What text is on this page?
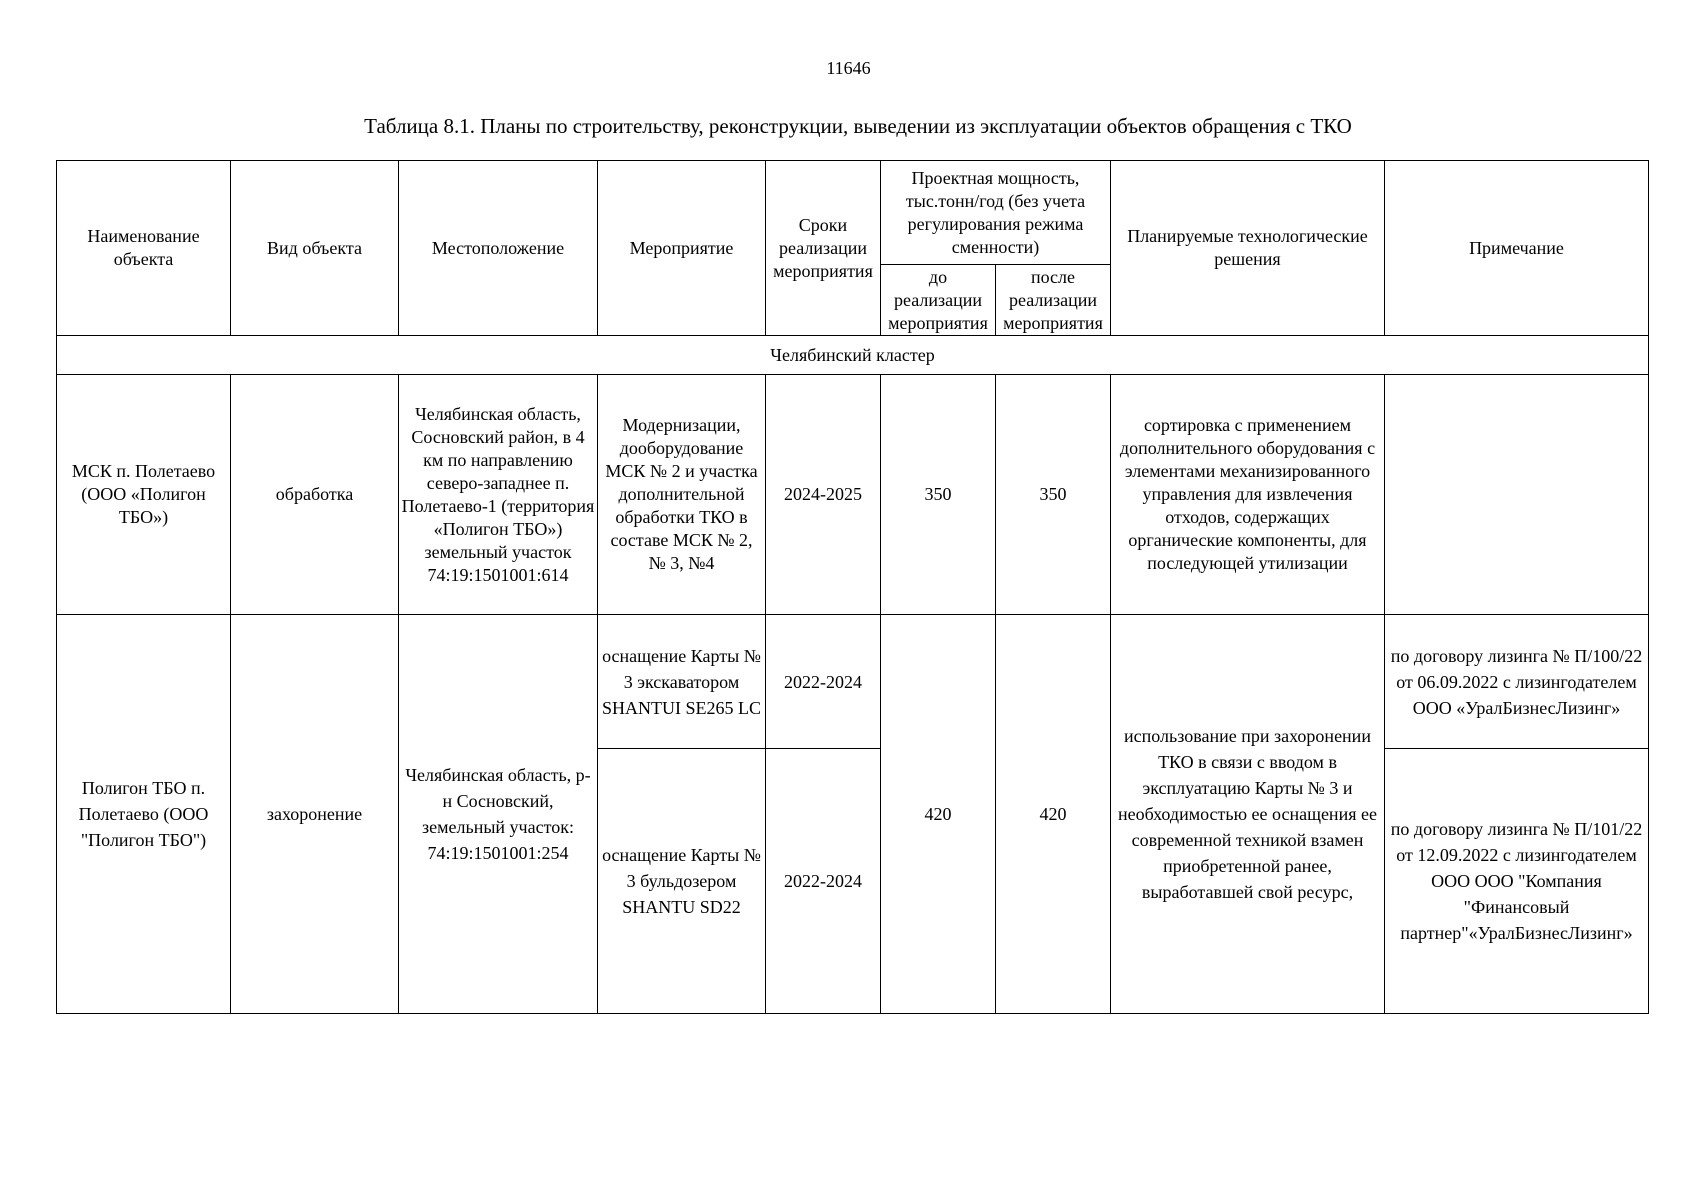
11646
Таблица 8.1. Планы по строительству, реконструкции, выведении из эксплуатации объектов обращения с ТКО
Наименование объекта	Вид объекта	Местоположение	Мероприятие	Сроки реализации мероприятия	Проектная мощность, тыс.тонн/год (без учета регулирования режима сменности)		Планируемые технологические решения	Примечание
					до реализации мероприятия	после реализации мероприятия		
Челябинский кластер								
МСК п. Полетаево (ООО «Полигон ТБО»)	обработка	Челябинская область, Сосновский район, в 4 км по направлению северо-западнее п. Полетаево-1 (территория «Полигон ТБО») земельный участок 74:19:1501001:614	Модернизации, дооборудование МСК № 2 и участка дополнительной обработки ТКО в составе МСК № 2, № 3, №4	2024-2025	350	350	сортировка с применением дополнительного оборудования с элементами механизированного управления для извлечения отходов, содержащих органические компоненты, для последующей утилизации	
Полигон ТБО п. Полетаево (ООО "Полигон ТБО")	захоронение	Челябинская область, р-н Сосновский, земельный участок: 74:19:1501001:254	оснащение Карты № 3 экскаватором SHANTUI SE265 LC	2022-2024	420	420	использование при захоронении ТКО в связи с вводом в эксплуатацию Карты № 3 и необходимостью ее оснащения ее современной техникой взамен приобретенной ранее, выработавшей свой ресурс,	по договору лизинга № П/100/22 от 06.09.2022 с лизингодателем ООО «УралБизнесЛизинг»
			оснащение Карты № 3 бульдозером SHANTU SD22	2022-2024				по договору лизинга № П/101/22 от 12.09.2022 с лизингодателем ООО ООО "Компания "Финансовый партнер"«УралБизнесЛизинг»
